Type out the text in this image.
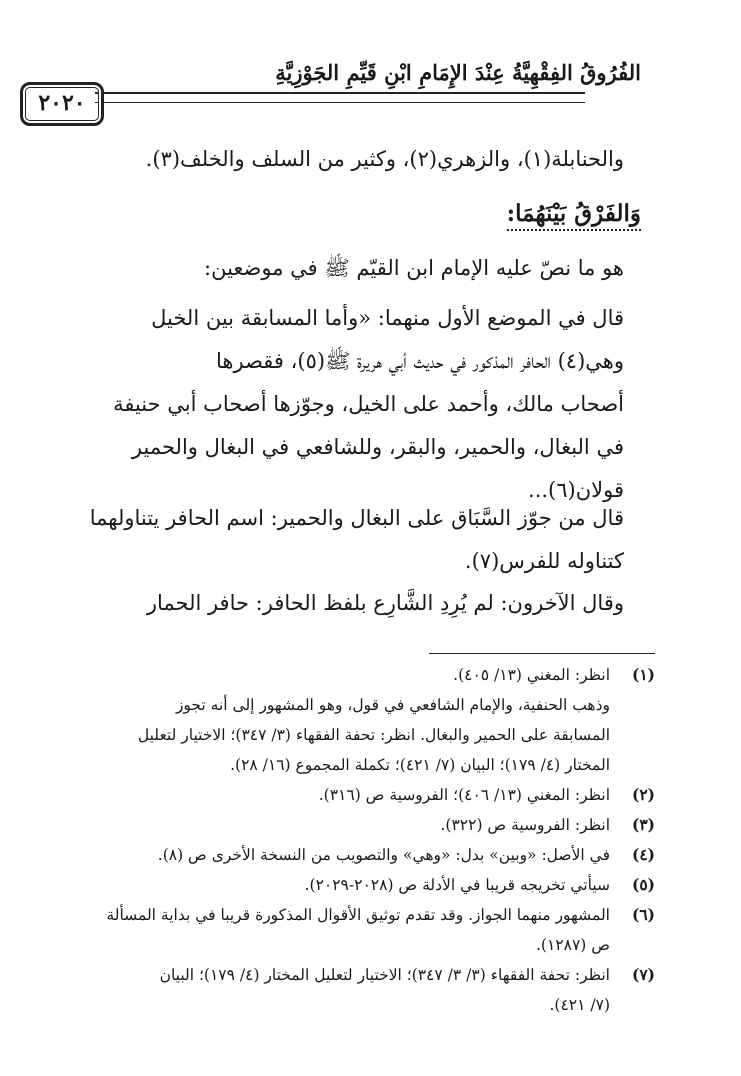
الفُرُوقُ الفِقْهِيَّةُ عِنْدَ الإِمَامِ ابْنِ قَيِّمِ الجَوْزِيَّةِ
٢٠٢٠
والحنابلة(١)، والزهري(٢)، وكثير من السلف والخلف(٣).
وَالفَرْقُ بَيْنَهُمَا:
هو ما نصّ عليه الإمام ابن القيّم ﷺ في موضعين:
قال في الموضع الأول منهما: «وأما المسابقة بين الخيل
وهي(٤) الحافر المذكور في حديث أبي هريرة ﷺ(٥)، فقصرها
أصحاب مالك، وأحمد على الخيل، وجوّزها أصحاب أبي حنيفة
في البغال، والحمير، والبقر، وللشافعي في البغال والحمير
قولان(٦)...
قال من جوّز السَّبَاق على البغال والحمير: اسم الحافر يتناولهما
كتناوله للفرس(٧).
وقال الآخرون: لم يُرِدِ الشَّارِع بلفظ الحافر: حافر الحمار
(١)
انظر: المغني (١٣/ ٤٠٥).
وذهب الحنفية، والإمام الشافعي في قول، وهو المشهور إلى أنه تجوز
المسابقة على الحمير والبغال. انظر: تحفة الفقهاء (٣/ ٣٤٧)؛ الاختيار لتعليل
المختار (٤/ ١٧٩)؛ البيان (٧/ ٤٢١)؛ تكملة المجموع (١٦/ ٢٨).
(٢)
انظر: المغني (١٣/ ٤٠٦)؛ الفروسية ص (٣١٦).
(٣)
انظر: الفروسية ص (٣٢٢).
(٤)
في الأصل: «وبين» بدل: «وهي» والتصويب من النسخة الأخرى ص (٨).
(٥)
سيأتي تخريجه قريبا في الأدلة ص (٢٠٢٨-٢٠٢٩).
(٦)
المشهور منهما الجواز. وقد تقدم توثيق الأقوال المذكورة قريبا في بداية المسألة
ص (١٢٨٧).
(٧)
انظر: تحفة الفقهاء (٣/ ٣/ ٣٤٧)؛ الاختيار لتعليل المختار (٤/ ١٧٩)؛ البيان
(٧/ ٤٢١).
